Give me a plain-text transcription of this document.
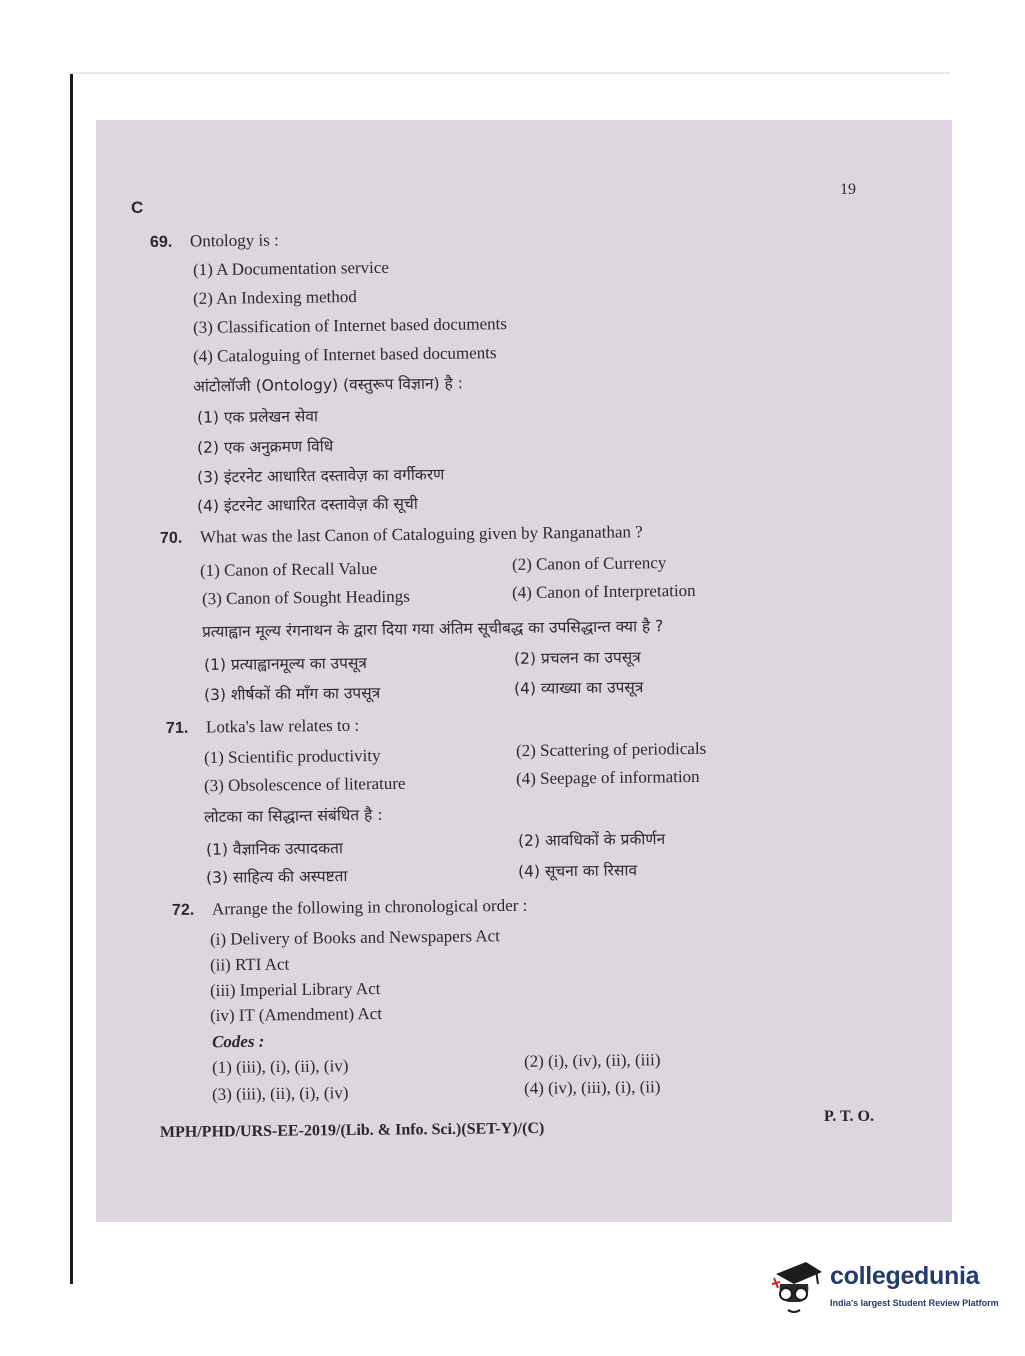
C
19
69.	Ontology is :
(1) A Documentation service
(2) An Indexing method
(3) Classification of Internet based documents
(4) Cataloguing of Internet based documents
आंटोलॉजी (Ontology) (वस्तुरूप विज्ञान) है :
(1) एक प्रलेखन सेवा
(2) एक अनुक्रमण विधि
(3) इंटरनेट आधारित दस्तावेज़ का वर्गीकरण
(4) इंटरनेट आधारित दस्तावेज़ की सूची
70.	What was the last Canon of Cataloguing given by Ranganathan ?
(1) Canon of Recall Value	(2) Canon of Currency
(3) Canon of Sought Headings	(4) Canon of Interpretation
प्रत्याह्वान मूल्य रंगनाथन के द्वारा दिया गया अंतिम सूचीबद्ध का उपसिद्धान्त क्या है ?
(1) प्रत्याह्वानमूल्य का उपसूत्र	(2) प्रचलन का उपसूत्र
(3) शीर्षकों की माँग का उपसूत्र	(4) व्याख्या का उपसूत्र
71.	Lotka's law relates to :
(1) Scientific productivity	(2) Scattering of periodicals
(3) Obsolescence of literature	(4) Seepage of information
लोटका का सिद्धान्त संबंधित है :
(1) वैज्ञानिक उत्पादकता	(2) आवधिकों के प्रकीर्णन
(3) साहित्य की अस्पष्टता	(4) सूचना का रिसाव
72.	Arrange the following in chronological order :
(i) Delivery of Books and Newspapers Act
(ii) RTI Act
(iii) Imperial Library Act
(iv) IT (Amendment) Act
Codes :
(1) (iii), (i), (ii), (iv)	(2) (i), (iv), (ii), (iii)
(3) (iii), (ii), (i), (iv)	(4) (iv), (iii), (i), (ii)
MPH/PHD/URS-EE-2019/(Lib. & Info. Sci.)(SET-Y)/(C)
P. T. O.
collegedunia
India's largest Student Review Platform
